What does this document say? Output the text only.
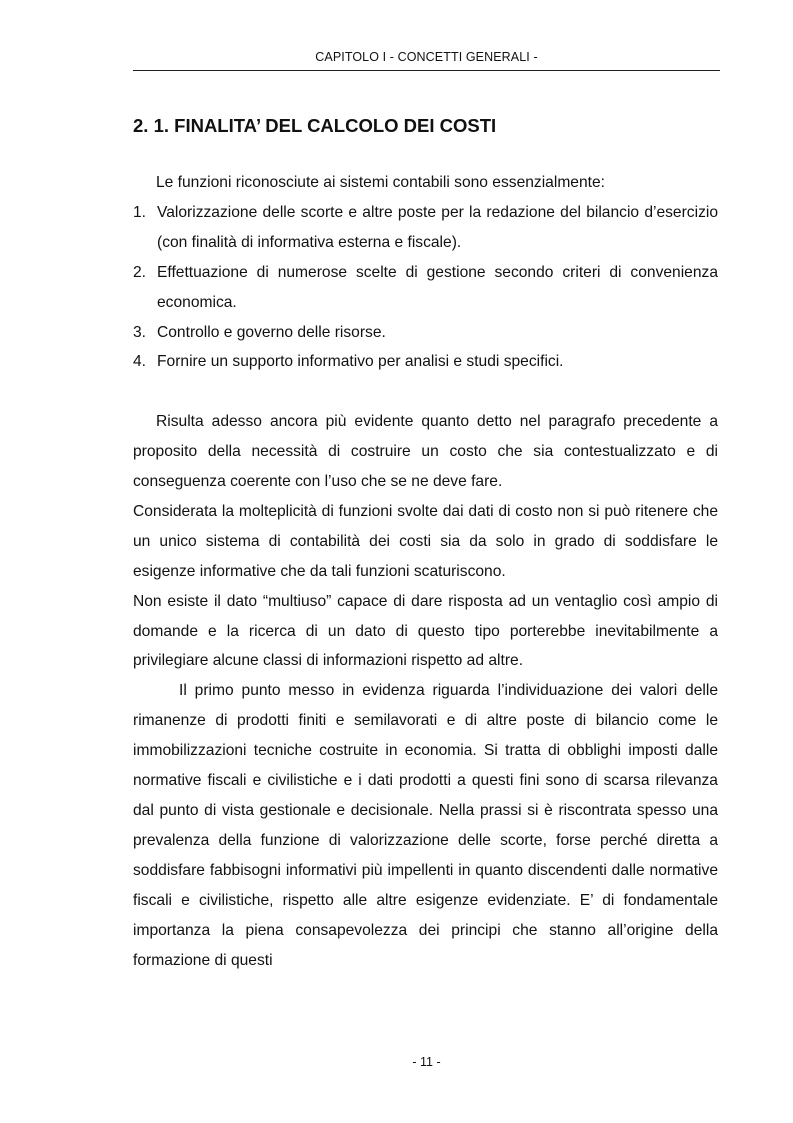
CAPITOLO I - CONCETTI GENERALI -
2. 1. FINALITA’ DEL CALCOLO DEI COSTI

Le funzioni riconosciute ai sistemi contabili sono essenzialmente:

1. Valorizzazione delle scorte e altre poste per la redazione del bilancio d’esercizio (con finalità di informativa esterna e fiscale).
2. Effettuazione di numerose scelte di gestione secondo criteri di convenienza economica.
3. Controllo e governo delle risorse.
4. Fornire un supporto informativo per analisi e studi specifici.

Risulta adesso ancora più evidente quanto detto nel paragrafo precedente a proposito della necessità di costruire un costo che sia contestualizzato e di conseguenza coerente con l’uso che se ne deve fare.

Considerata la molteplicità di funzioni svolte dai dati di costo non si può ritenere che un unico sistema di contabilità dei costi sia da solo in grado di soddisfare le esigenze informative che da tali funzioni scaturiscono.

Non esiste il dato “multiuso” capace di dare risposta ad un ventaglio così ampio di domande e la ricerca di un dato di questo tipo porterebbe inevitabilmente a privilegiare alcune classi di informazioni rispetto ad altre.

Il primo punto messo in evidenza riguarda l’individuazione dei valori delle rimanenze di prodotti finiti e semilavorati e di altre poste di bilancio come le immobilizzazioni tecniche costruite in economia. Si tratta di obblighi imposti dalle normative fiscali e civilistiche e i dati prodotti a questi fini sono di scarsa rilevanza dal punto di vista gestionale e decisionale. Nella prassi si è riscontrata spesso una prevalenza della funzione di valorizzazione delle scorte, forse perché diretta a soddisfare fabbisogni informativi più impellenti in quanto discendenti dalle normative fiscali e civilistiche, rispetto alle altre esigenze evidenziate. E’ di fondamentale importanza la piena consapevolezza dei principi che stanno all’origine della formazione di questi

- 11 -
